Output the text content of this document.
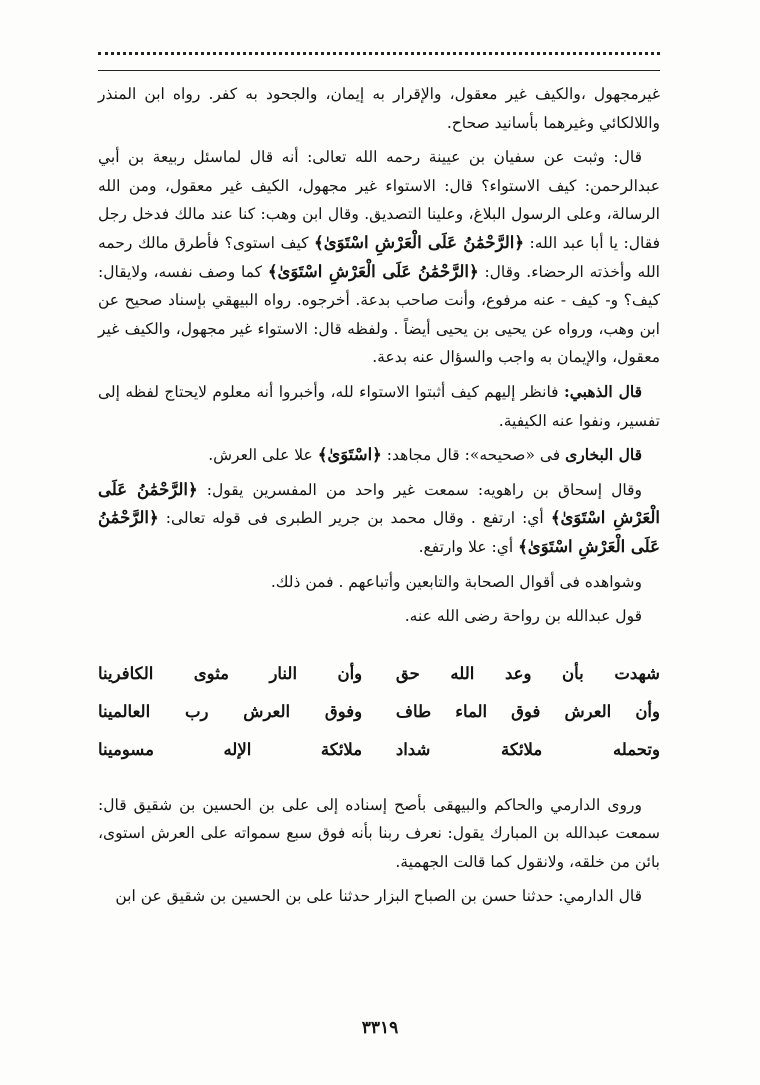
غيرمجهول ،والكيف غير معقول، والإقرار به إيمان، والجحود به كفر. رواه ابن المنذر واللالكائي وغيرهما بأسانيد صحاح.

قال: وثبت عن سفيان بن عيينة رحمه الله تعالى: أنه قال لماسئل ربيعة بن أبي عبدالرحمن: كيف الاستواء؟ قال: الاستواء غير مجهول، الكيف غير معقول، ومن الله الرسالة، وعلى الرسول البلاغ، وعلينا التصديق. وقال ابن وهب: كنا عند مالك فدخل رجل فقال: يا أبا عبد الله: ﴿الرَّحْمَٰنُ عَلَى الْعَرْشِ اسْتَوَىٰ﴾ كيف استوى؟ فأطرق مالك رحمه الله وأخذته الرحضاء. وقال: ﴿الرَّحْمَٰنُ عَلَى الْعَرْشِ اسْتَوَىٰ﴾ كما وصف نفسه، ولايقال: كيف؟ و- كيف - عنه مرفوع، وأنت صاحب بدعة. أخرجوه. رواه البيهقي بإسناد صحيح عن ابن وهب، ورواه عن يحيى بن يحيى أيضاً . ولفظه قال: الاستواء غير مجهول، والكيف غير معقول، والإيمان به واجب والسؤال عنه بدعة.

قال الذهبي: فانظر إليهم كيف أثبتوا الاستواء لله، وأخبروا أنه معلوم لايحتاج لفظه إلى تفسير، ونفوا عنه الكيفية.

قال البخارى فى «صحيحه»: قال مجاهد: ﴿اسْتَوَىٰ﴾ علا على العرش.

وقال إسحاق بن راهويه: سمعت غير واحد من المفسرين يقول: ﴿الرَّحْمَٰنُ عَلَى الْعَرْشِ اسْتَوَىٰ﴾ أي: ارتفع . وقال محمد بن جرير الطبرى فى قوله تعالى: ﴿الرَّحْمَٰنُ عَلَى الْعَرْشِ اسْتَوَىٰ﴾ أي: علا وارتفع.

وشواهده فى أقوال الصحابة والتابعين وأتباعهم . فمن ذلك.

قول عبدالله بن رواحة رضى الله عنه.

شهدت بأن وعد الله حق
وأن النار مثوى الكافرينا
وأن العرش فوق الماء طاف
وفوق العرش رب العالمينا
وتحمله ملائكة شداد
ملائكة الإله مسومينا

وروى الدارمي والحاكم والبيهقى بأصح إسناده إلى على بن الحسين بن شقيق قال: سمعت عبدالله بن المبارك يقول: نعرف ربنا بأنه فوق سبع سمواته على العرش استوى، بائن من خلقه، ولانقول كما قالت الجهمية.

قال الدارمي: حدثنا حسن بن الصباح البزار حدثنا على بن الحسين بن شقيق عن ابن

٣٣١٩
